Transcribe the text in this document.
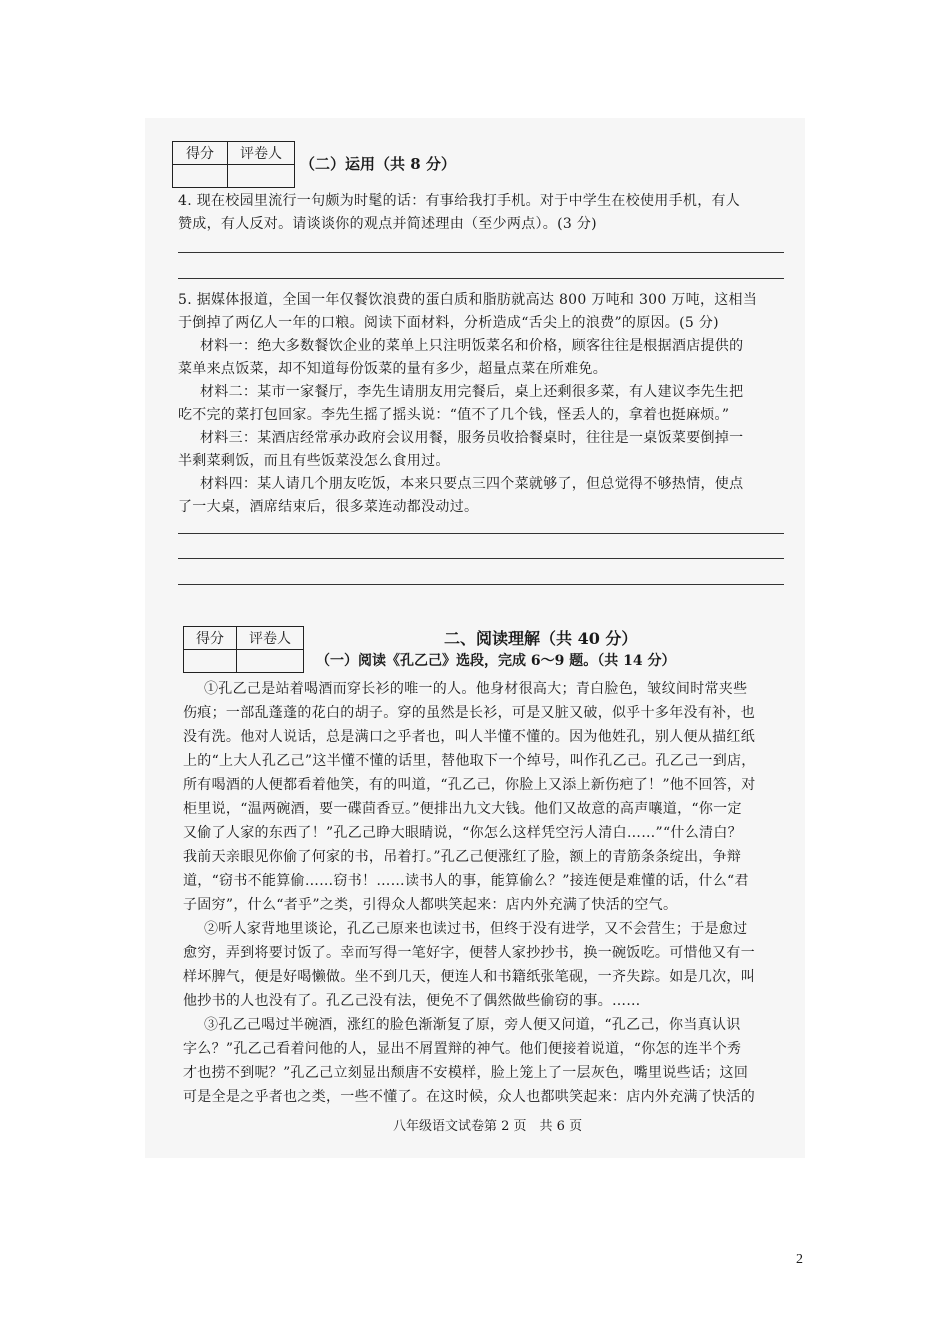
得分	评卷人

（二）运用（共 8 分）
4. 现在校园里流行一句颇为时髦的话：有事给我打手机。对于中学生在校使用手机，有人
赞成，有人反对。请谈谈你的观点并简述理由（至少两点）。(3 分)
5. 据媒体报道，全国一年仅餐饮浪费的蛋白质和脂肪就高达 800 万吨和 300 万吨，这相当
于倒掉了两亿人一年的口粮。阅读下面材料，分析造成“舌尖上的浪费”的原因。(5 分)
材料一：绝大多数餐饮企业的菜单上只注明饭菜名和价格，顾客往往是根据酒店提供的
菜单来点饭菜，却不知道每份饭菜的量有多少，超量点菜在所难免。
材料二：某市一家餐厅，李先生请朋友用完餐后，桌上还剩很多菜，有人建议李先生把
吃不完的菜打包回家。李先生摇了摇头说：“值不了几个钱，怪丢人的，拿着也挺麻烦。”
材料三：某酒店经常承办政府会议用餐，服务员收拾餐桌时，往往是一桌饭菜要倒掉一
半剩菜剩饭，而且有些饭菜没怎么食用过。
材料四：某人请几个朋友吃饭，本来只要点三四个菜就够了，但总觉得不够热情，使点
了一大桌，酒席结束后，很多菜连动都没动过。
得分	评卷人
		二、阅读理解（共 40 分）
（一）阅读《孔乙己》选段，完成 6～9 题。（共 14 分）
①孔乙己是站着喝酒而穿长衫的唯一的人。他身材很高大；青白脸色，皱纹间时常夹些
伤痕；一部乱蓬蓬的花白的胡子。穿的虽然是长衫，可是又脏又破，似乎十多年没有补，也
没有洗。他对人说话，总是满口之乎者也，叫人半懂不懂的。因为他姓孔，别人便从描红纸
上的“上大人孔乙己”这半懂不懂的话里，替他取下一个绰号，叫作孔乙己。孔乙己一到店，
所有喝酒的人便都看着他笑，有的叫道，“孔乙己，你脸上又添上新伤疤了！”他不回答，对
柜里说，“温两碗酒，要一碟茴香豆。”便排出九文大钱。他们又故意的高声嚷道，“你一定
又偷了人家的东西了！”孔乙己睁大眼睛说，“你怎么这样凭空污人清白……”“什么清白？
我前天亲眼见你偷了何家的书，吊着打。”孔乙己便涨红了脸，额上的青筋条条绽出，争辩
道，“窃书不能算偷……窃书！……读书人的事，能算偷么？”接连便是难懂的话，什么“君
子固穷”，什么“者乎”之类，引得众人都哄笑起来：店内外充满了快活的空气。
②听人家背地里谈论，孔乙己原来也读过书，但终于没有进学，又不会营生；于是愈过
愈穷，弄到将要讨饭了。幸而写得一笔好字，便替人家抄抄书，换一碗饭吃。可惜他又有一
样坏脾气，便是好喝懒做。坐不到几天，便连人和书籍纸张笔砚，一齐失踪。如是几次，叫
他抄书的人也没有了。孔乙己没有法，便免不了偶然做些偷窃的事。……
③孔乙己喝过半碗酒，涨红的脸色渐渐复了原，旁人便又问道，“孔乙己，你当真认识
字么？”孔乙己看着问他的人，显出不屑置辩的神气。他们便接着说道，“你怎的连半个秀
才也捞不到呢？”孔乙己立刻显出颓唐不安模样，脸上笼上了一层灰色，嘴里说些话；这回
可是全是之乎者也之类，一些不懂了。在这时候，众人也都哄笑起来：店内外充满了快活的
八年级语文试卷第 2 页　共 6 页
2
